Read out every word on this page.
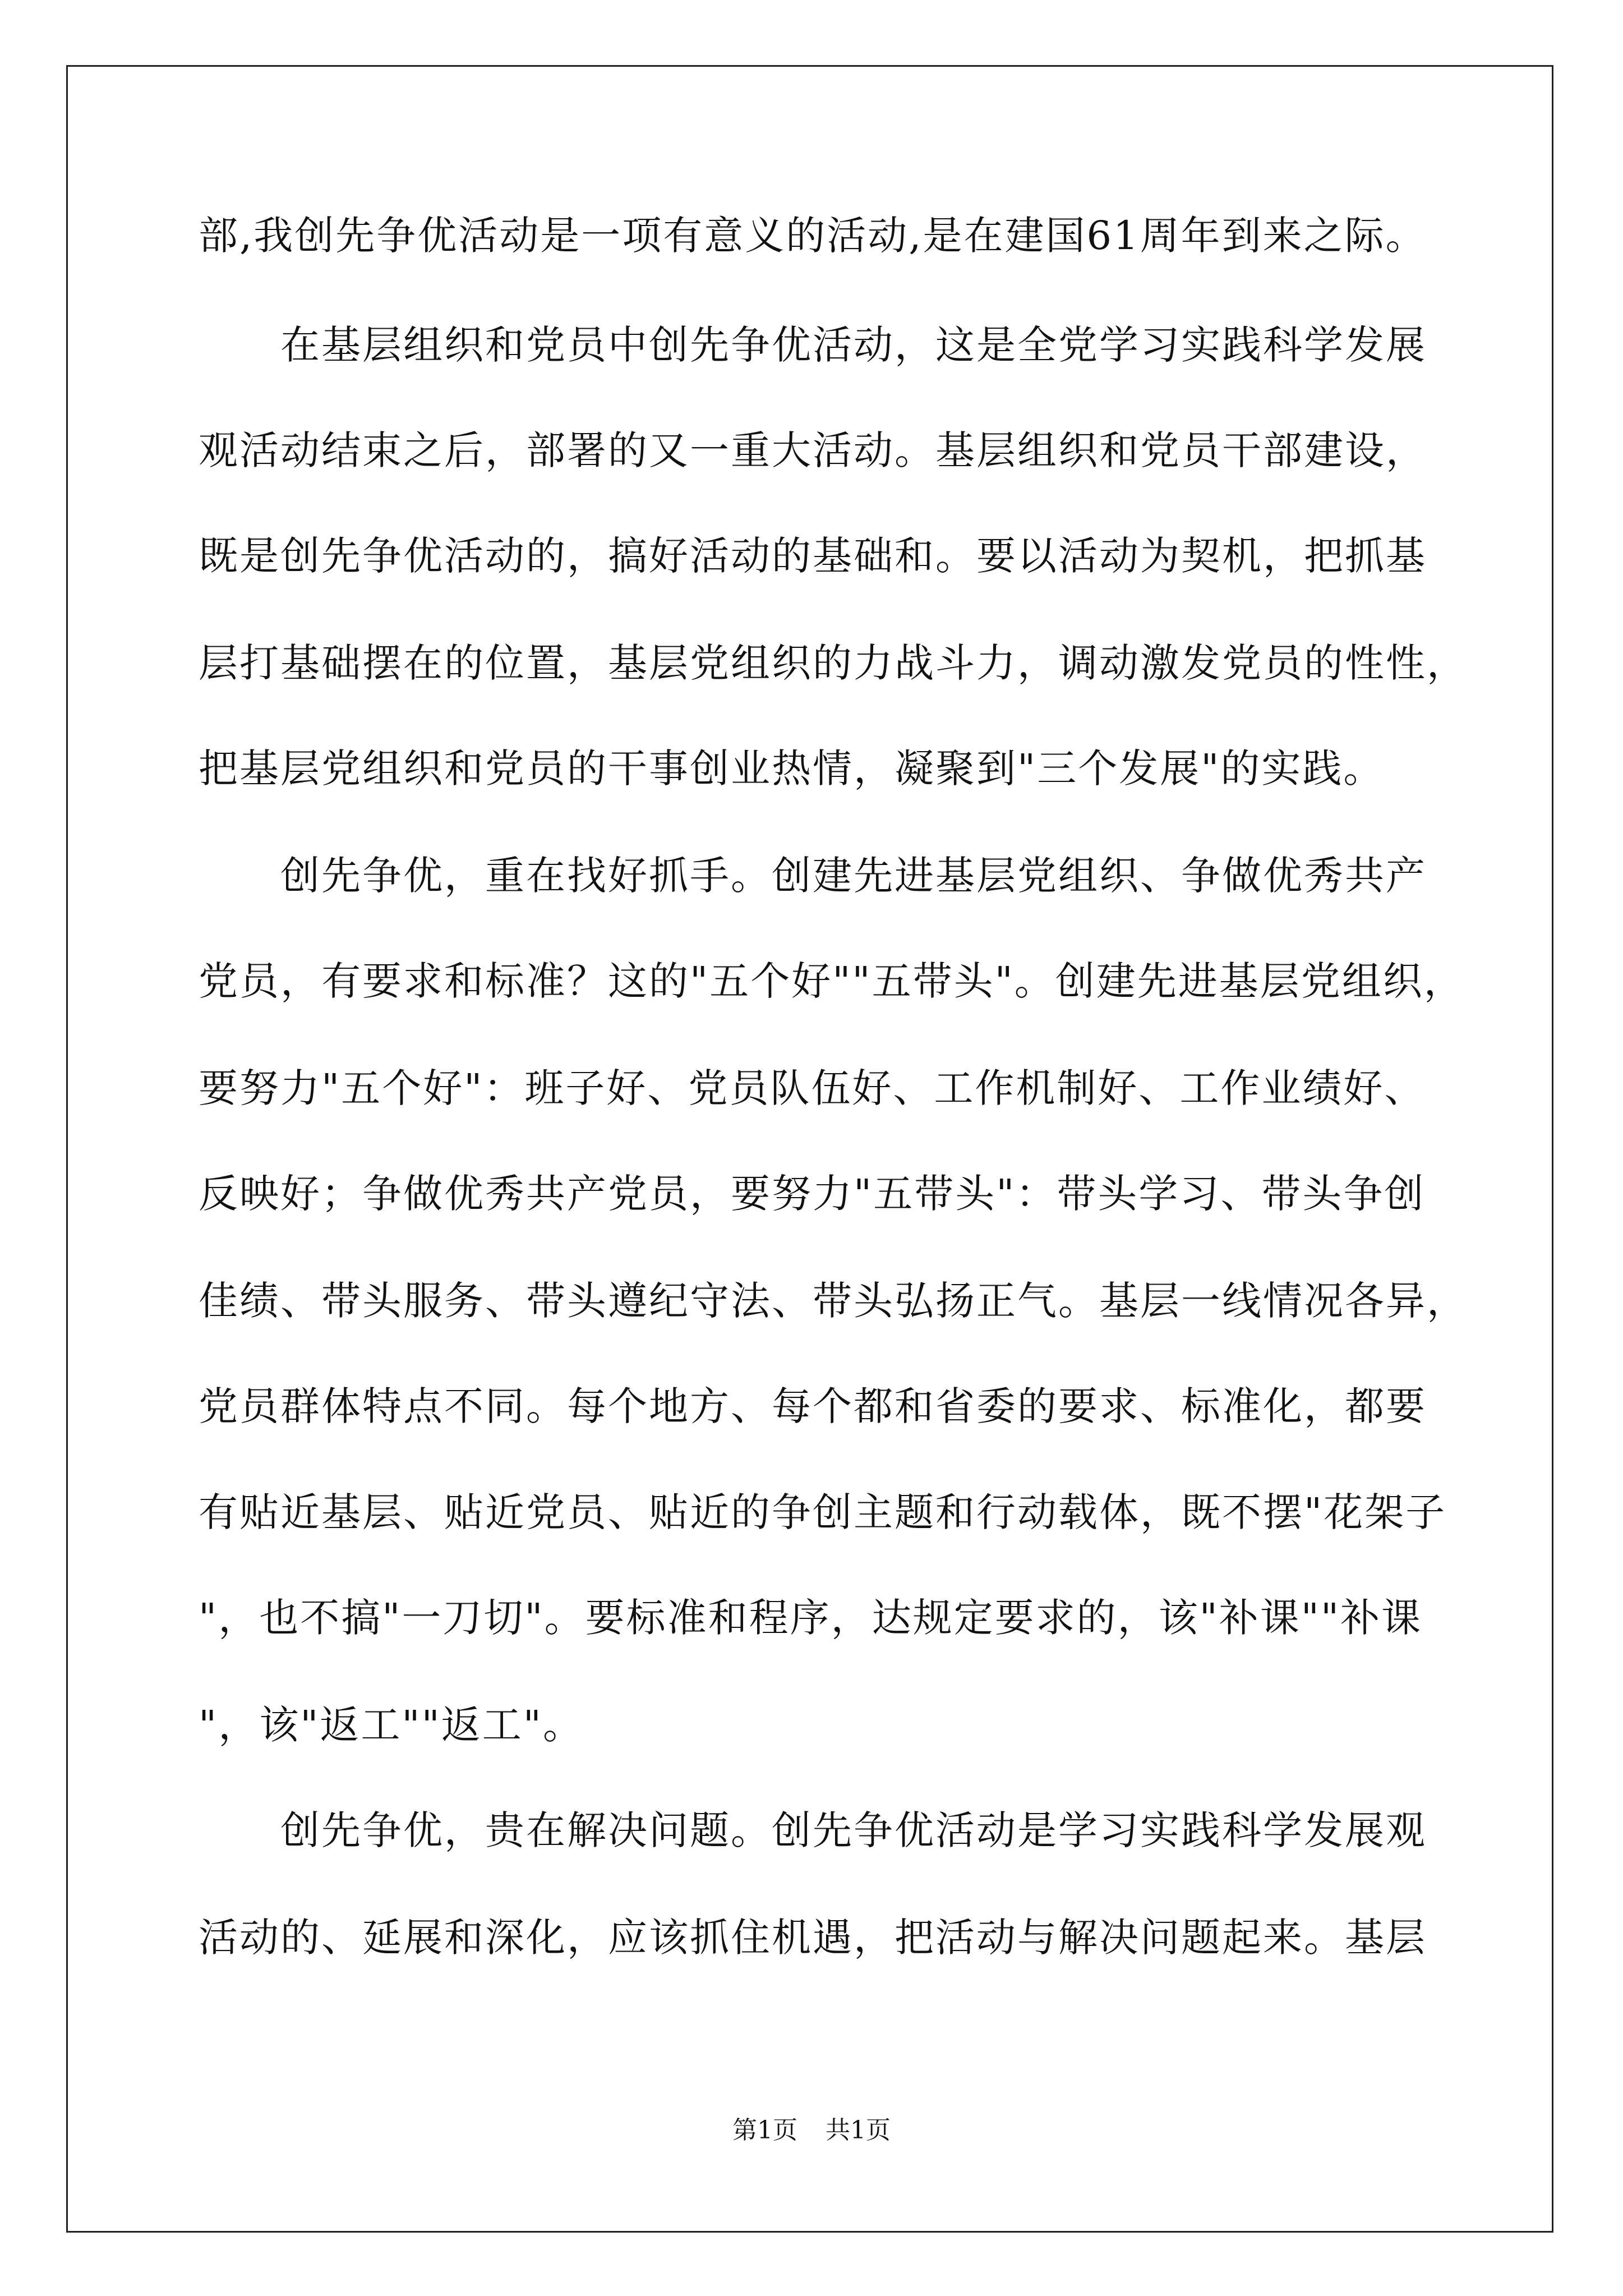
部,我创先争优活动是一项有意义的活动,是在建国61周年到来之际。
在基层组织和党员中创先争优活动，这是全党学习实践科学发展
观活动结束之后，部署的又一重大活动。基层组织和党员干部建设，
既是创先争优活动的，搞好活动的基础和。要以活动为契机，把抓基
层打基础摆在的位置，基层党组织的力战斗力，调动激发党员的性性，
把基层党组织和党员的干事创业热情，凝聚到"三个发展"的实践。
创先争优，重在找好抓手。创建先进基层党组织、争做优秀共产
党员，有要求和标准？这的"五个好""五带头"。创建先进基层党组织，
要努力"五个好"：班子好、党员队伍好、工作机制好、工作业绩好、
反映好；争做优秀共产党员，要努力"五带头"：带头学习、带头争创
佳绩、带头服务、带头遵纪守法、带头弘扬正气。基层一线情况各异，
党员群体特点不同。每个地方、每个都和省委的要求、标准化，都要
有贴近基层、贴近党员、贴近的争创主题和行动载体，既不摆"花架子
"，也不搞"一刀切"。要标准和程序，达规定要求的，该"补课""补课
"，该"返工""返工"。
创先争优，贵在解决问题。创先争优活动是学习实践科学发展观
活动的、延展和深化，应该抓住机遇，把活动与解决问题起来。基层
第1页 共1页
